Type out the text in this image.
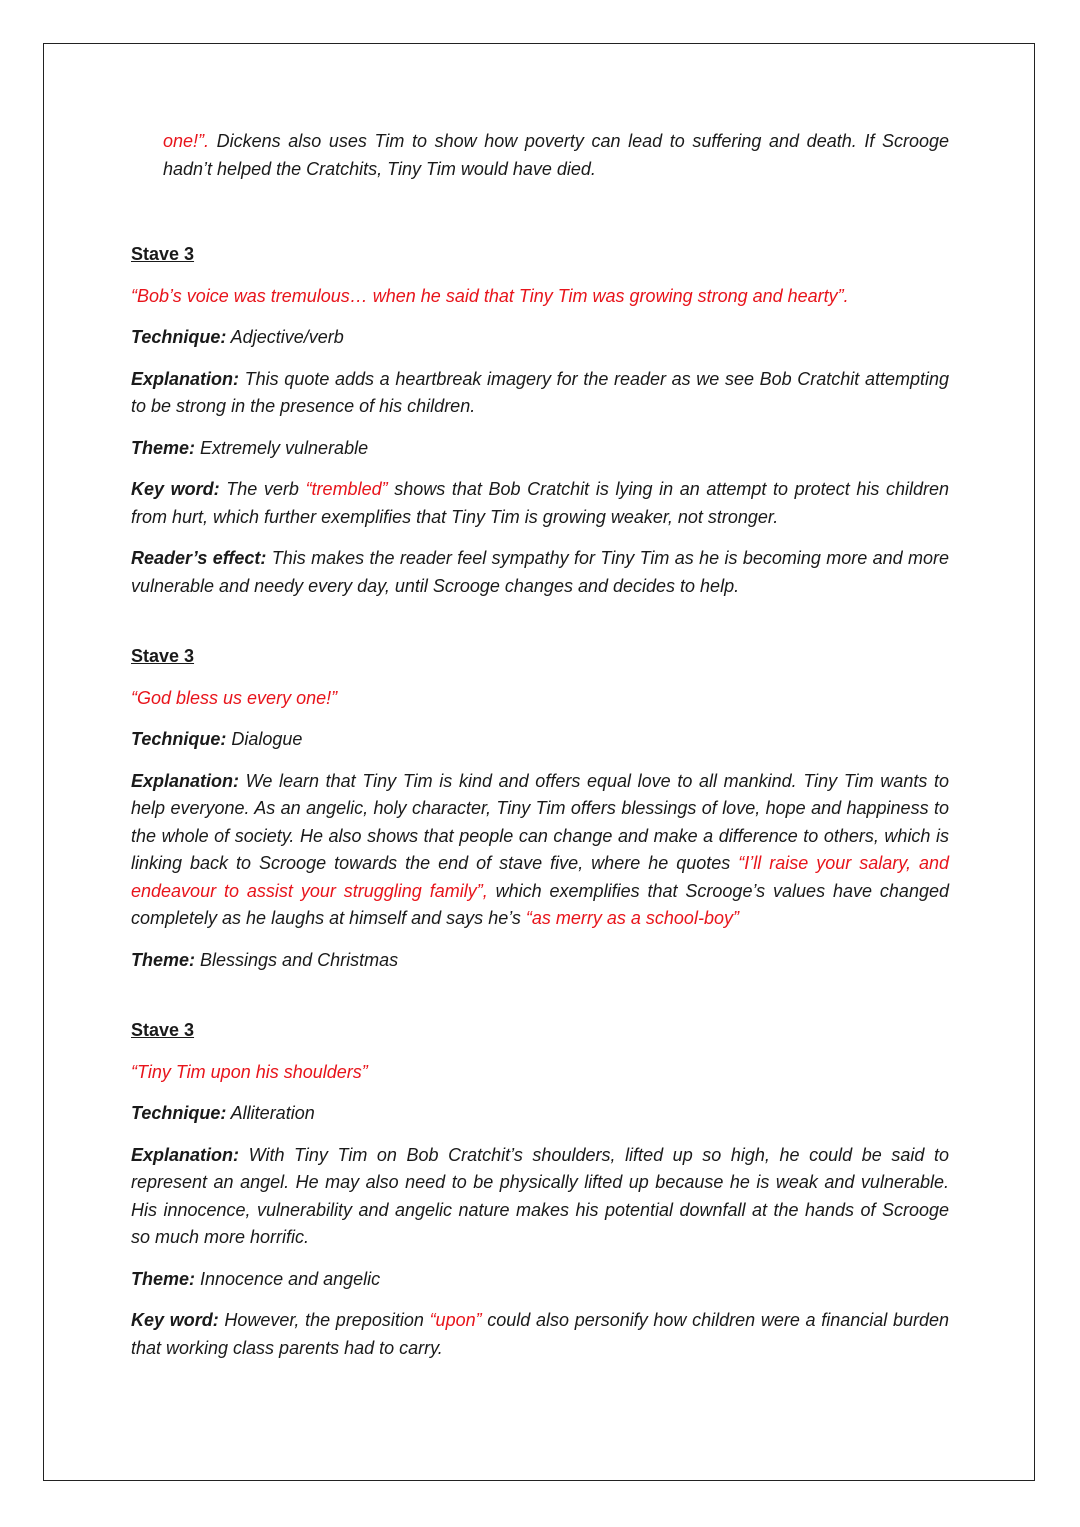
one!”. Dickens also uses Tim to show how poverty can lead to suffering and death. If Scrooge hadn’t helped the Cratchits, Tiny Tim would have died.

Stave 3

“Bob’s voice was tremulous… when he said that Tiny Tim was growing strong and hearty”.

Technique: Adjective/verb

Explanation: This quote adds a heartbreak imagery for the reader as we see Bob Cratchit attempting to be strong in the presence of his children.

Theme: Extremely vulnerable

Key word: The verb “trembled” shows that Bob Cratchit is lying in an attempt to protect his children from hurt, which further exemplifies that Tiny Tim is growing weaker, not stronger.

Reader’s effect: This makes the reader feel sympathy for Tiny Tim as he is becoming more and more vulnerable and needy every day, until Scrooge changes and decides to help.

Stave 3

“God bless us every one!”

Technique: Dialogue

Explanation: We learn that Tiny Tim is kind and offers equal love to all mankind. Tiny Tim wants to help everyone. As an angelic, holy character, Tiny Tim offers blessings of love, hope and happiness to the whole of society. He also shows that people can change and make a difference to others, which is linking back to Scrooge towards the end of stave five, where he quotes “I’ll raise your salary, and endeavour to assist your struggling family”, which exemplifies that Scrooge’s values have changed completely as he laughs at himself and says he’s “as merry as a school-boy”

Theme: Blessings and Christmas

Stave 3

“Tiny Tim upon his shoulders”

Technique: Alliteration

Explanation: With Tiny Tim on Bob Cratchit’s shoulders, lifted up so high, he could be said to represent an angel. He may also need to be physically lifted up because he is weak and vulnerable. His innocence, vulnerability and angelic nature makes his potential downfall at the hands of Scrooge so much more horrific.

Theme: Innocence and angelic

Key word: However, the preposition “upon” could also personify how children were a financial burden that working class parents had to carry.
